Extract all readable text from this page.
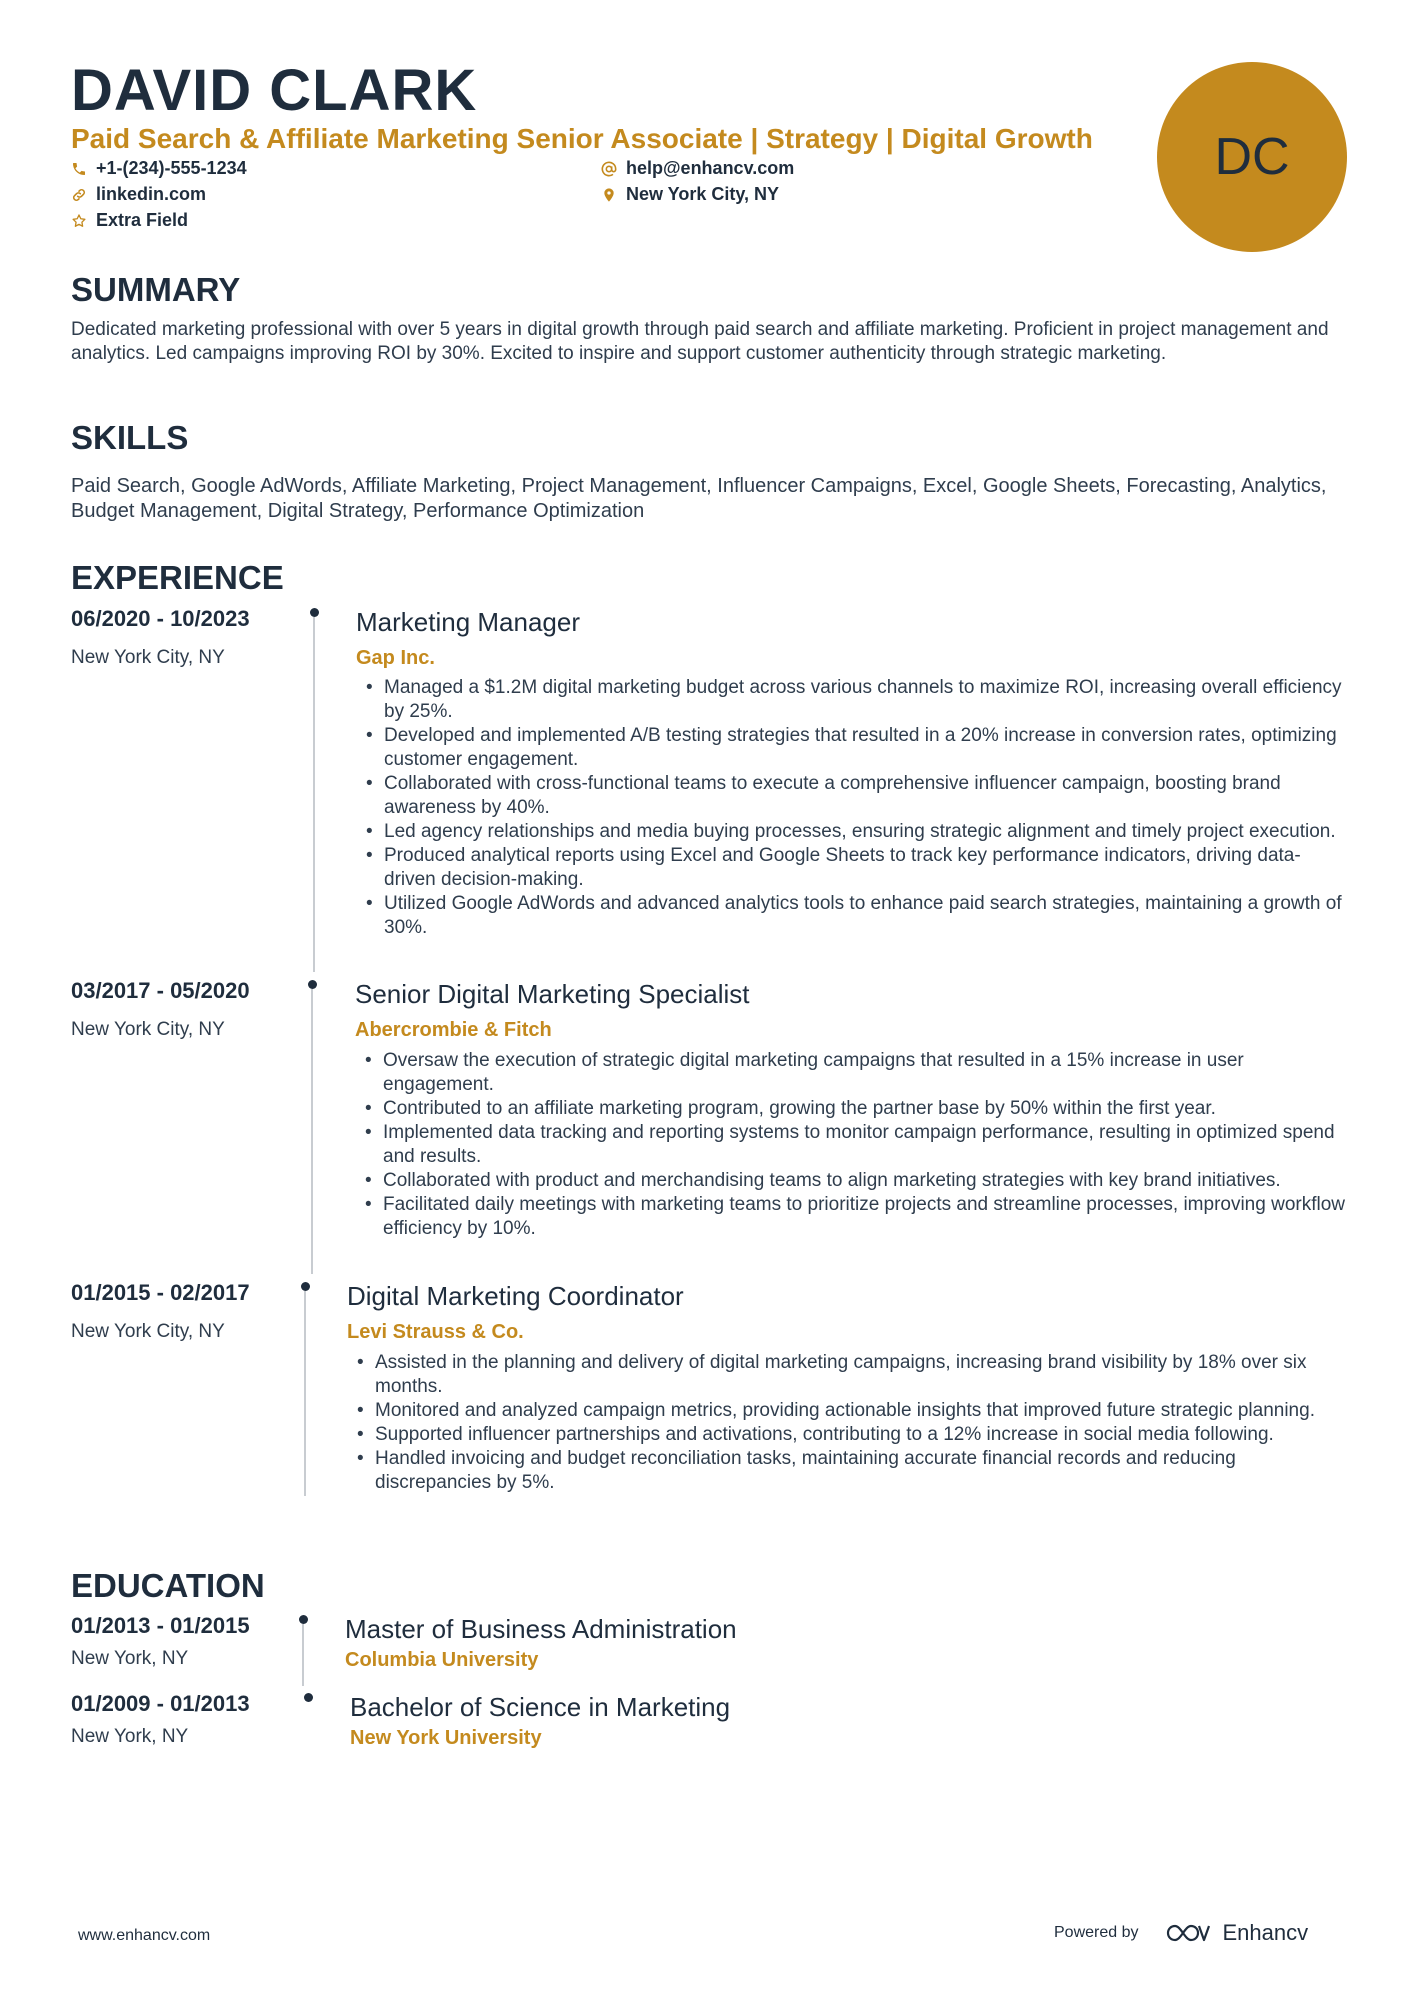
DAVID CLARK
Paid Search & Affiliate Marketing Senior Associate | Strategy | Digital Growth
+1-(234)-555-1234	help@enhancv.com
linkedin.com	New York City, NY
Extra Field
DC
SUMMARY

Dedicated marketing professional with over 5 years in digital growth through paid search and affiliate marketing. Proficient in project management and analytics. Led campaigns improving ROI by 30%. Excited to inspire and support customer authenticity through strategic marketing.

SKILLS

Paid Search, Google AdWords, Affiliate Marketing, Project Management, Influencer Campaigns, Excel, Google Sheets, Forecasting, Analytics, Budget Management, Digital Strategy, Performance Optimization

EXPERIENCE
06/2020 - 10/2023
New York City, NY
Marketing Manager
Gap Inc.
• Managed a $1.2M digital marketing budget across various channels to maximize ROI, increasing overall efficiency by 25%.
• Developed and implemented A/B testing strategies that resulted in a 20% increase in conversion rates, optimizing customer engagement.
• Collaborated with cross-functional teams to execute a comprehensive influencer campaign, boosting brand awareness by 40%.
• Led agency relationships and media buying processes, ensuring strategic alignment and timely project execution.
• Produced analytical reports using Excel and Google Sheets to track key performance indicators, driving data-driven decision-making.
• Utilized Google AdWords and advanced analytics tools to enhance paid search strategies, maintaining a growth of 30%.
03/2017 - 05/2020
New York City, NY
Senior Digital Marketing Specialist
Abercrombie & Fitch
• Oversaw the execution of strategic digital marketing campaigns that resulted in a 15% increase in user engagement.
• Contributed to an affiliate marketing program, growing the partner base by 50% within the first year.
• Implemented data tracking and reporting systems to monitor campaign performance, resulting in optimized spend and results.
• Collaborated with product and merchandising teams to align marketing strategies with key brand initiatives.
• Facilitated daily meetings with marketing teams to prioritize projects and streamline processes, improving workflow efficiency by 10%.
01/2015 - 02/2017
New York City, NY
Digital Marketing Coordinator
Levi Strauss & Co.
• Assisted in the planning and delivery of digital marketing campaigns, increasing brand visibility by 18% over six months.
• Monitored and analyzed campaign metrics, providing actionable insights that improved future strategic planning.
• Supported influencer partnerships and activations, contributing to a 12% increase in social media following.
• Handled invoicing and budget reconciliation tasks, maintaining accurate financial records and reducing discrepancies by 5%.
EDUCATION
01/2013 - 01/2015
New York, NY
Master of Business Administration
Columbia University
01/2009 - 01/2013
New York, NY
Bachelor of Science in Marketing
New York University
www.enhancv.com	Powered by	Enhancv
